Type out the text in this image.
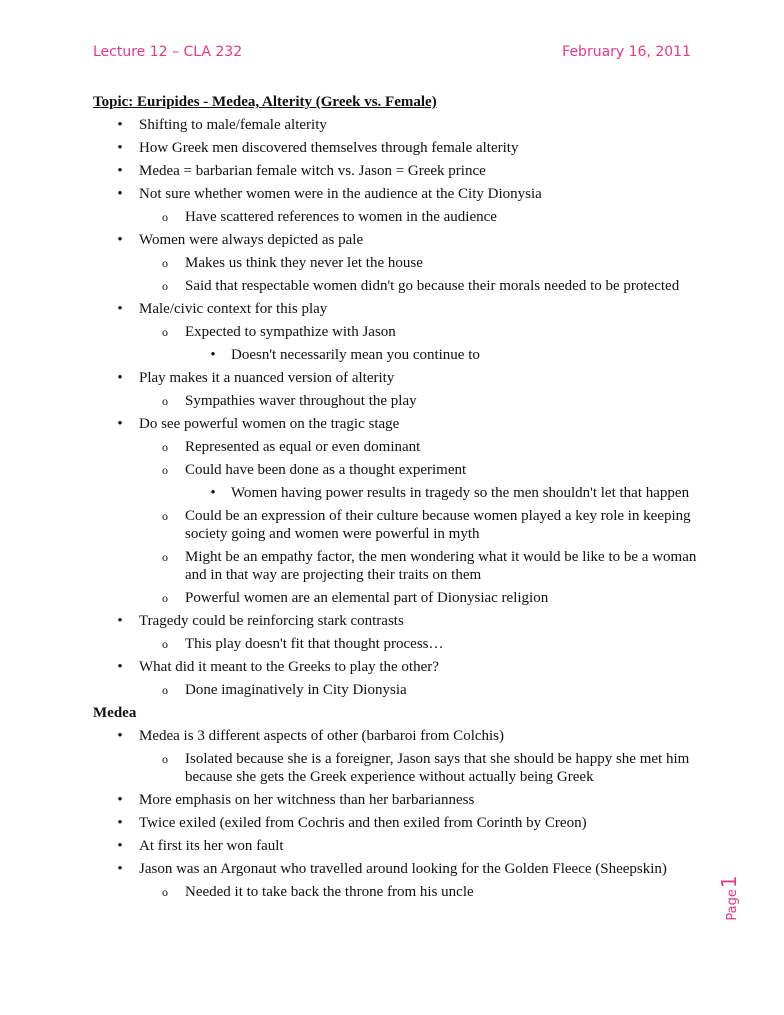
Lecture 12 – CLA 232	February 16, 2011
Topic: Euripides - Medea, Alterity (Greek vs. Female)
• Shifting to male/female alterity
• How Greek men discovered themselves through female alterity
• Medea = barbarian female witch vs. Jason = Greek prince
• Not sure whether women were in the audience at the City Dionysia
o Have scattered references to women in the audience
• Women were always depicted as pale
o Makes us think they never let the house
o Said that respectable women didn't go because their morals needed to be protected
• Male/civic context for this play
o Expected to sympathize with Jason
• Doesn't necessarily mean you continue to
• Play makes it a nuanced version of alterity
o Sympathies waver throughout the play
• Do see powerful women on the tragic stage
o Represented as equal or even dominant
o Could have been done as a thought experiment
• Women having power results in tragedy so the men shouldn't let that happen
o Could be an expression of their culture because women played a key role in keeping society going and women were powerful in myth
o Might be an empathy factor, the men wondering what it would be like to be a woman and in that way are projecting their traits on them
o Powerful women are an elemental part of Dionysiac religion
• Tragedy could be reinforcing stark contrasts
o This play doesn't fit that thought process…
• What did it meant to the Greeks to play the other?
o Done imaginatively in City Dionysia
Medea
• Medea is 3 different aspects of other (barbaroi from Colchis)
o Isolated because she is a foreigner, Jason says that she should be happy she met him because she gets the Greek experience without actually being Greek
• More emphasis on her witchness than her barbarianness
• Twice exiled (exiled from Cochris and then exiled from Corinth by Creon)
• At first its her won fault
• Jason was an Argonaut who travelled around looking for the Golden Fleece (Sheepskin)
o Needed it to take back the throne from his uncle	Page
1
